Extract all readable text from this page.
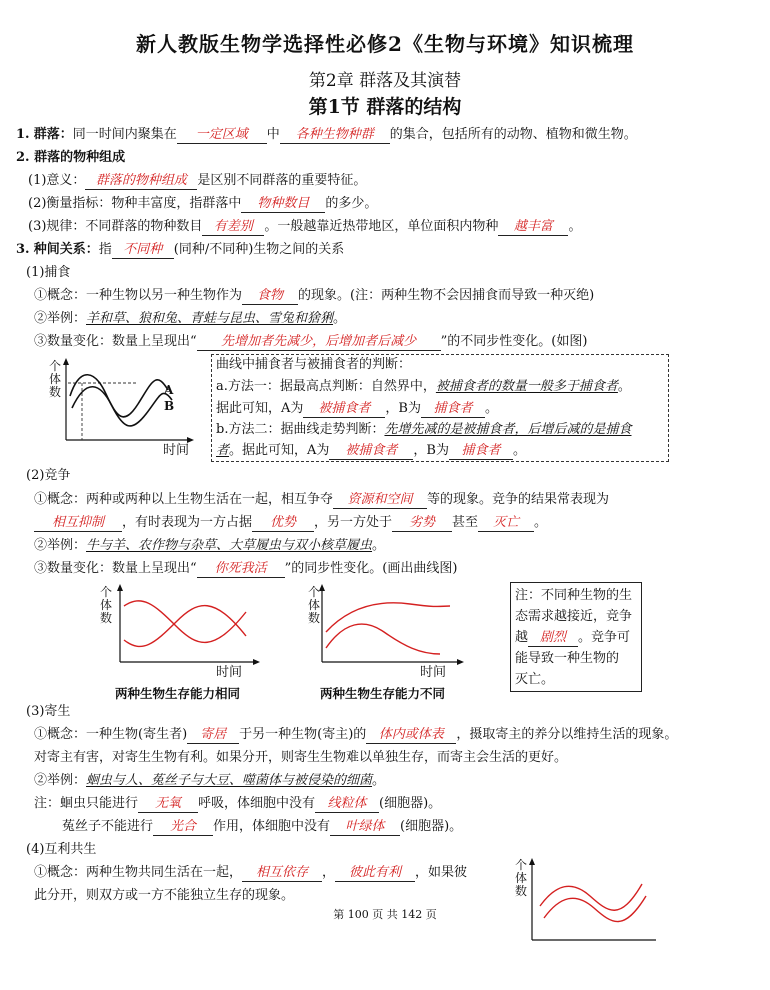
新人教版生物学选择性必修2《生物与环境》知识梳理
第2章 群落及其演替
第1节 群落的结构
1. 群落：同一时间内聚集在 一定区域 中 各种生物种群 的集合，包括所有的动物、植物和微生物。
2. 群落的物种组成
(1)意义： 群落的物种组成 是区别不同群落的重要特征。
(2)衡量指标：物种丰富度，指群落中 物种数目 的多少。
(3)规律：不同群落的物种数目 有差别 。一般越靠近热带地区，单位面积内物种 越丰富 。
3. 种间关系：指 不同种 (同种/不同种)生物之间的关系
(1)捕食
①概念：一种生物以另一种生物作为 食物 的现象。(注：两种生物不会因捕食而导致一种灭绝)
②举例：羊和草、狼和兔、青蛙与昆虫、雪兔和猞猁。
③数量变化：数量上呈现出“ 先增加者先减少，后增加者后减少 ”的不同步性变化。(如图)
个
体
数	A
B
时间
曲线中捕食者与被捕食者的判断：
a.方法一：据最高点判断：自然界中，被捕食者的数量一般多于捕食者。
据此可知，A为 被捕食者 ，B为 捕食者 。
b.方法二：据曲线走势判断：先增先减的是被捕食者，后增后减的是捕食
者。据此可知，A为 被捕食者 ，B为 捕食者 。
(2)竞争
①概念：两种或两种以上生物生活在一起，相互争夺 资源和空间 等的现象。竞争的结果常表现为
相互抑制 ，有时表现为一方占据 优势 ，另一方处于 劣势 甚至 灭亡 。
②举例：牛与羊、农作物与杂草、大草履虫与双小核草履虫。
③数量变化：数量上呈现出“ 你死我活 ”的同步性变化。(画出曲线图)
个
体
数
时间
两种生物生存能力相同
个
体
数
时间
两种生物生存能力不同
注：不同种生物的生
态需求越接近，竞争
越 剧烈 。竞争可
能导致一种生物的
灭亡。
(3)寄生
①概念：一种生物(寄生者) 寄居 于另一种生物(寄主)的 体内或体表 ，摄取寄主的养分以维持生活的现象。
对寄主有害，对寄生生物有利。如果分开，则寄生生物难以单独生存，而寄主会生活的更好。
②举例：蛔虫与人、菟丝子与大豆、噬菌体与被侵染的细菌。
注：蛔虫只能进行 无氧 呼吸，体细胞中没有 线粒体 (细胞器)。
菟丝子不能进行 光合 作用，体细胞中没有 叶绿体 (细胞器)。
(4)互利共生
①概念：两种生物共同生活在一起， 相互依存 ， 彼此有利 ，如果彼
此分开，则双方或一方不能独立生存的现象。
个
体
数
第 100 页 共 142 页
